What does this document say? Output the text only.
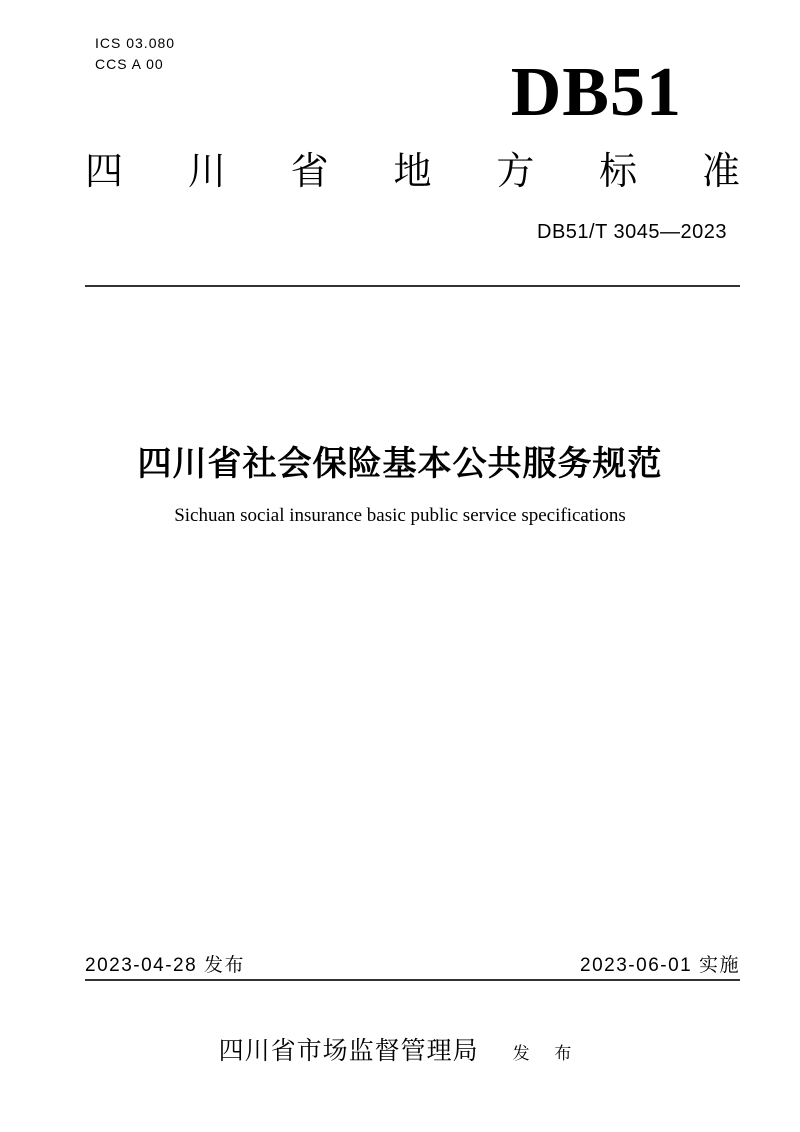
ICS 03.080
CCS A 00	DB51
四川省地方标准
DB51/T 3045—2023
四川省社会保险基本公共服务规范
Sichuan social insurance basic public service specifications
2023-04-28 发布	2023-06-01 实施
四川省市场监督管理局 发 布
